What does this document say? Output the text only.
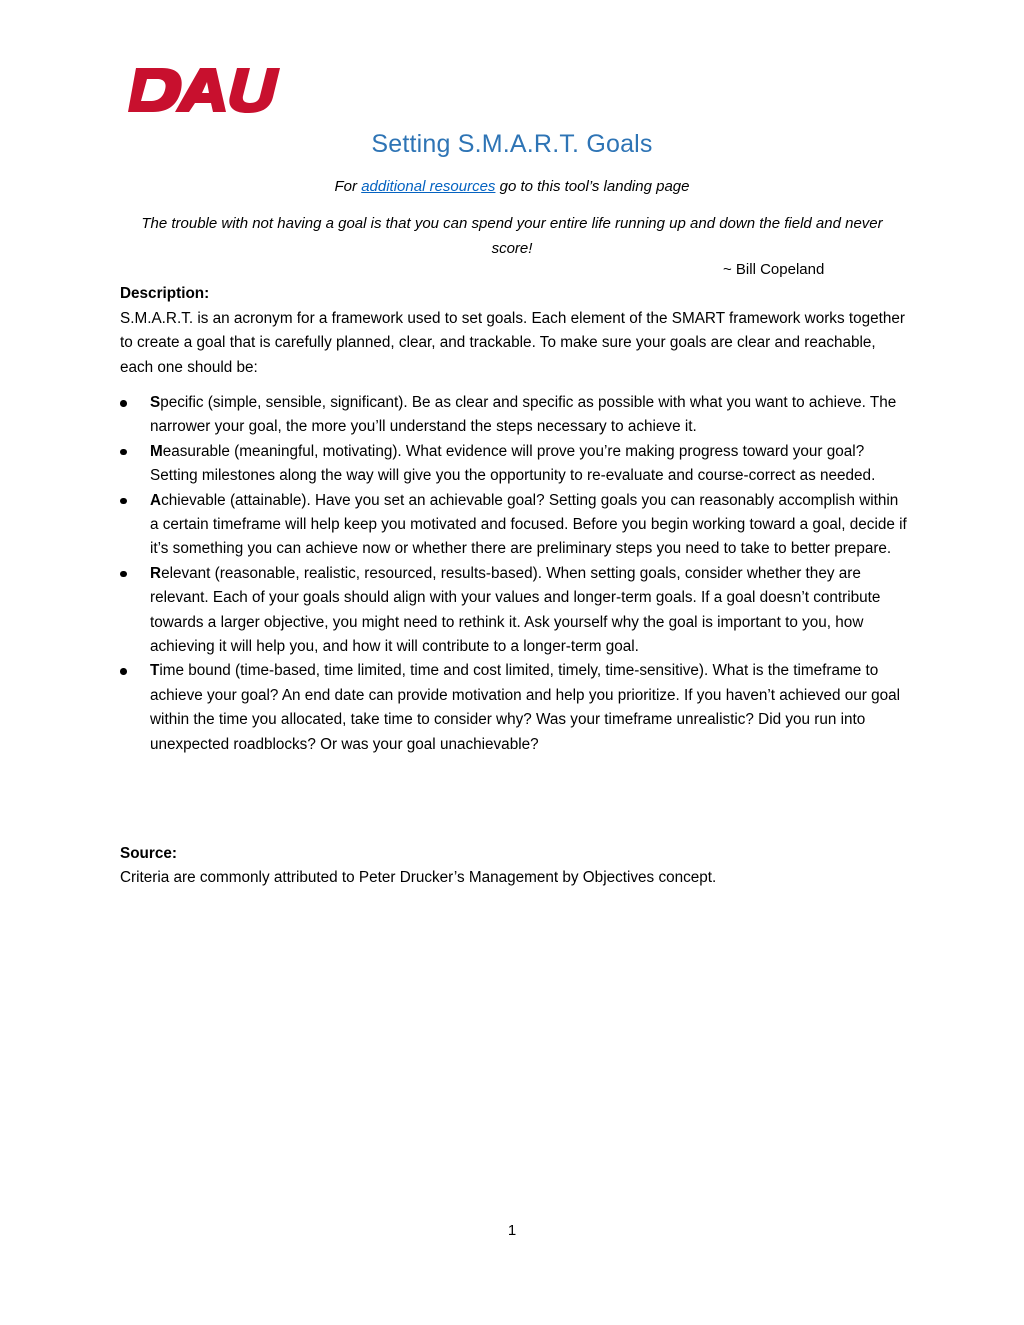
Setting S.M.A.R.T. Goals
For additional resources go to this tool’s landing page
The trouble with not having a goal is that you can spend your entire life running up and down the field and never score!
~ Bill Copeland
Description:
S.M.A.R.T. is an acronym for a framework used to set goals. Each element of the SMART framework works together to create a goal that is carefully planned, clear, and trackable. To make sure your goals are clear and reachable, each one should be:
Specific (simple, sensible, significant). Be as clear and specific as possible with what you want to achieve. The narrower your goal, the more you’ll understand the steps necessary to achieve it.
Measurable (meaningful, motivating). What evidence will prove you’re making progress toward your goal? Setting milestones along the way will give you the opportunity to re-evaluate and course-correct as needed.
Achievable (attainable). Have you set an achievable goal? Setting goals you can reasonably accomplish within a certain timeframe will help keep you motivated and focused. Before you begin working toward a goal, decide if it’s something you can achieve now or whether there are preliminary steps you need to take to better prepare.
Relevant (reasonable, realistic, resourced, results-based). When setting goals, consider whether they are relevant. Each of your goals should align with your values and longer-term goals. If a goal doesn’t contribute towards a larger objective, you might need to rethink it. Ask yourself why the goal is important to you, how achieving it will help you, and how it will contribute to a longer-term goal.
Time bound (time-based, time limited, time and cost limited, timely, time-sensitive). What is the timeframe to achieve your goal? An end date can provide motivation and help you prioritize. If you haven’t achieved our goal within the time you allocated, take time to consider why? Was your timeframe unrealistic? Did you run into unexpected roadblocks? Or was your goal unachievable?
Source:
Criteria are commonly attributed to Peter Drucker’s Management by Objectives concept.
1
